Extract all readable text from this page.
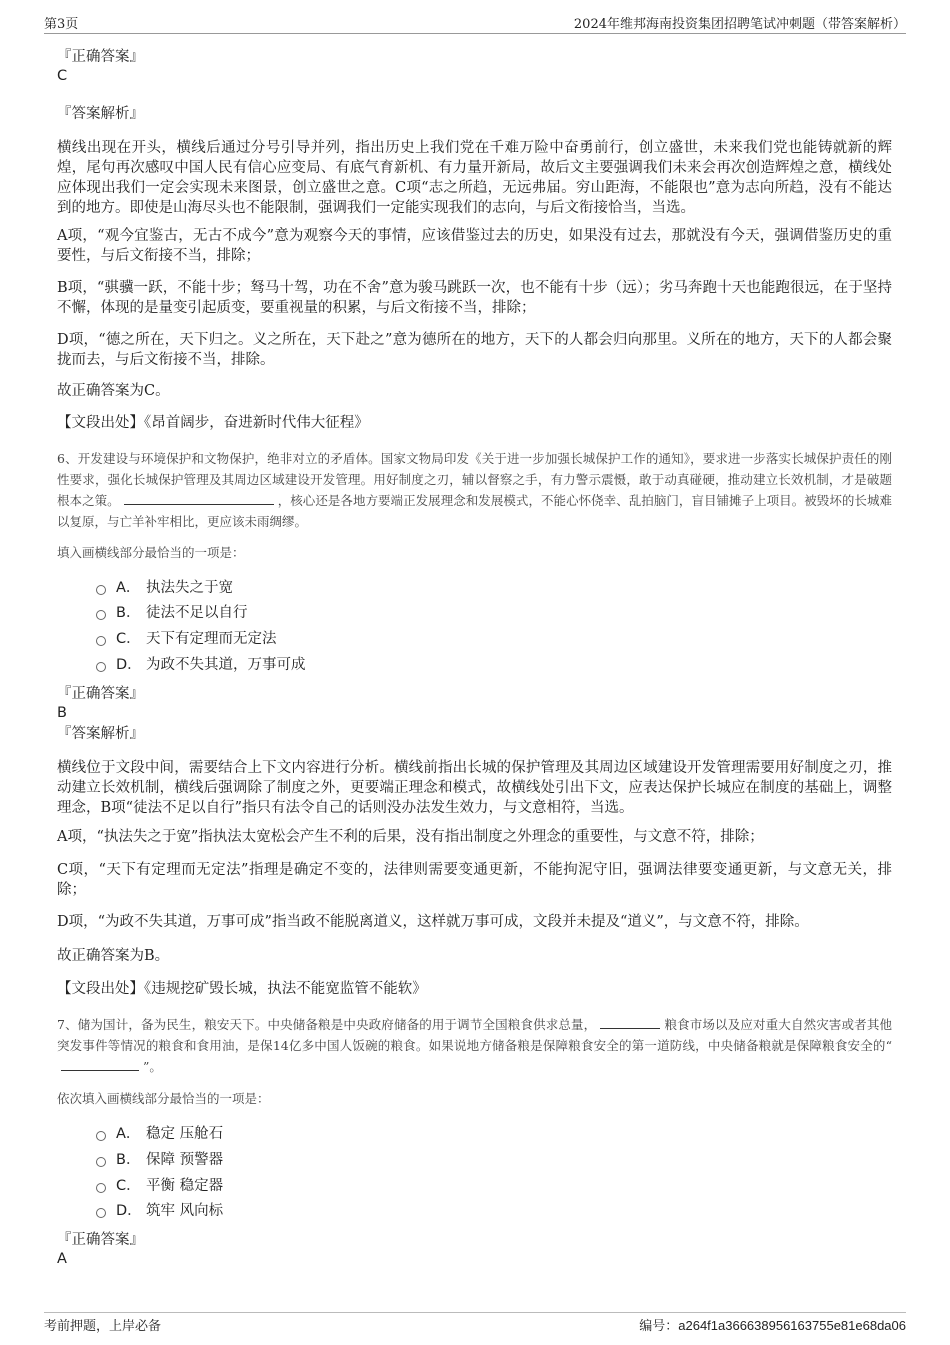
第3页	2024年维邦海南投资集团招聘笔试冲刺题（带答案解析）

『正确答案』

C

『答案解析』

横线出现在开头，横线后通过分号引导并列，指出历史上我们党在千难万险中奋勇前行，创立盛世，未来我们党也能铸就新的辉煌，尾句再次感叹中国人民有信心应变局、有底气育新机、有力量开新局，故后文主要强调我们未来会再次创造辉煌之意，横线处应体现出我们一定会实现未来图景，创立盛世之意。C项“志之所趋，无远弗届。穷山距海，不能限也”意为志向所趋，没有不能达到的地方。即使是山海尽头也不能限制，强调我们一定能实现我们的志向，与后文衔接恰当，当选。

A项，“观今宜鉴古，无古不成今”意为观察今天的事情，应该借鉴过去的历史，如果没有过去，那就没有今天，强调借鉴历史的重要性，与后文衔接不当，排除；

B项，“骐骥一跃，不能十步；驽马十驾，功在不舍”意为骏马跳跃一次，也不能有十步（远）；劣马奔跑十天也能跑很远，在于坚持不懈，体现的是量变引起质变，要重视量的积累，与后文衔接不当，排除；

D项，“德之所在，天下归之。义之所在，天下赴之”意为德所在的地方，天下的人都会归向那里。义所在的地方，天下的人都会聚拢而去，与后文衔接不当，排除。

故正确答案为C。

【文段出处】《昂首阔步，奋进新时代伟大征程》

6、开发建设与环境保护和文物保护，绝非对立的矛盾体。国家文物局印发《关于进一步加强长城保护工作的通知》，要求进一步落实长城保护责任的刚性要求，强化长城保护管理及其周边区域建设开发管理。用好制度之刃，辅以督察之手，有力警示震慑，敢于动真碰硬，推动建立长效机制，才是破题根本之策。	，核心还是各地方要端正发展理念和发展模式，不能心怀侥幸、乱拍脑门，盲目铺摊子上项目。被毁坏的长城难以复原，与亡羊补牢相比，更应该未雨绸缪。

填入画横线部分最恰当的一项是：

A． 执法失之于宽
B． 徒法不足以自行
C． 天下有定理而无定法
D． 为政不失其道，万事可成

『正确答案』

B

『答案解析』

横线位于文段中间，需要结合上下文内容进行分析。横线前指出长城的保护管理及其周边区域建设开发管理需要用好制度之刃，推动建立长效机制，横线后强调除了制度之外，更要端正理念和模式，故横线处引出下文，应表达保护长城应在制度的基础上，调整理念，B项“徒法不足以自行”指只有法令自己的话则没办法发生效力，与文意相符，当选。

A项，“执法失之于宽”指执法太宽松会产生不利的后果，没有指出制度之外理念的重要性，与文意不符，排除；

C项，“天下有定理而无定法”指理是确定不变的，法律则需要变通更新，不能拘泥守旧，强调法律要变通更新，与文意无关，排除；

D项，“为政不失其道，万事可成”指当政不能脱离道义，这样就万事可成，文段并未提及“道义”，与文意不符，排除。

故正确答案为B。

【文段出处】《违规挖矿毁长城，执法不能宽监管不能软》

7、储为国计，备为民生，粮安天下。中央储备粮是中央政府储备的用于调节全国粮食供求总量，	粮食市场以及应对重大自然灾害或者其他突发事件等情况的粮食和食用油，是保14亿多中国人饭碗的粮食。如果说地方储备粮是保障粮食安全的第一道防线，中央储备粮就是保障粮食安全的“”。

依次填入画横线部分最恰当的一项是：

A． 稳定 压舱石
B． 保障 预警器
C． 平衡 稳定器
D． 筑牢 风向标

『正确答案』

A

考前押题，上岸必备	编号：a264f1a366638956163755e81e68da06
